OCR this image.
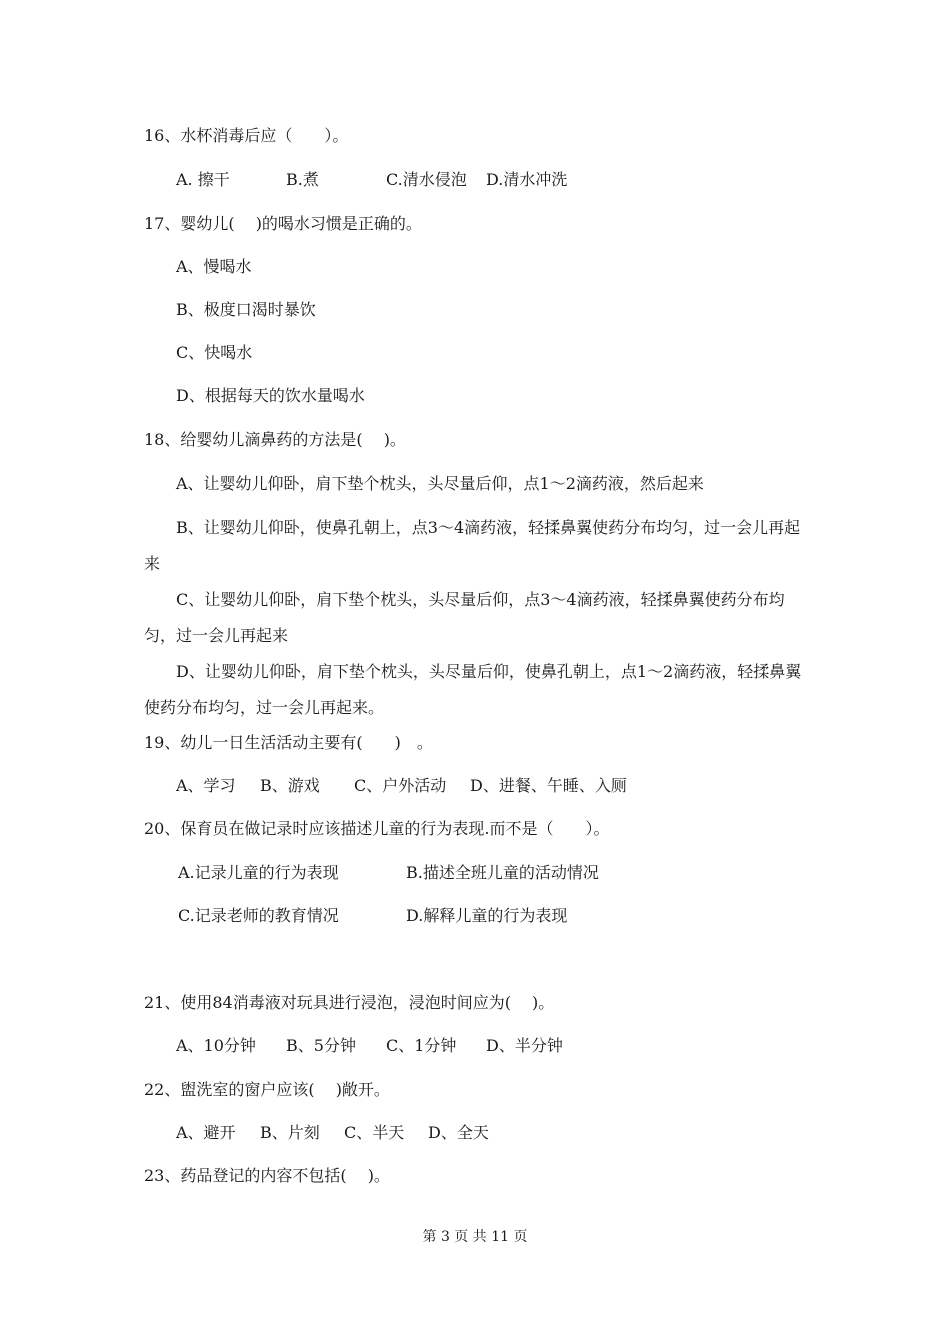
16、水杯消毒后应（　　）。
A. 擦干	B.煮	C.清水侵泡 D.清水冲洗
17、婴幼儿(　 )的喝水习惯是正确的。
A、慢喝水
B、极度口渴时暴饮
C、快喝水
D、根据每天的饮水量喝水
18、给婴幼儿滴鼻药的方法是(　 )。
A、让婴幼儿仰卧，肩下垫个枕头，头尽量后仰，点1～2滴药液，然后起来
B、让婴幼儿仰卧，使鼻孔朝上，点3～4滴药液，轻揉鼻翼使药分布均匀，过一会儿再起来
C、让婴幼儿仰卧，肩下垫个枕头，头尽量后仰，点3～4滴药液，轻揉鼻翼使药分布均匀，过一会儿再起来
D、让婴幼儿仰卧，肩下垫个枕头，头尽量后仰，使鼻孔朝上，点1～2滴药液，轻揉鼻翼使药分布均匀，过一会儿再起来。
19、幼儿一日生活活动主要有(　　)　。
A、学习 B、游戏 C、户外活动 D、进餐、午睡、入厕
20、保育员在做记录时应该描述儿童的行为表现.而不是（　　）。
A.记录儿童的行为表现	B.描述全班儿童的活动情况
C.记录老师的教育情况	D.解释儿童的行为表现
21、使用84消毒液对玩具进行浸泡，浸泡时间应为(　 )。
A、10分钟 B、5分钟 C、1分钟 D、半分钟
22、盥洗室的窗户应该(　 )敞开。
A、避开 B、片刻 C、半天 D、全天
23、药品登记的内容不包括(　 )。
第 3 页 共 11 页
